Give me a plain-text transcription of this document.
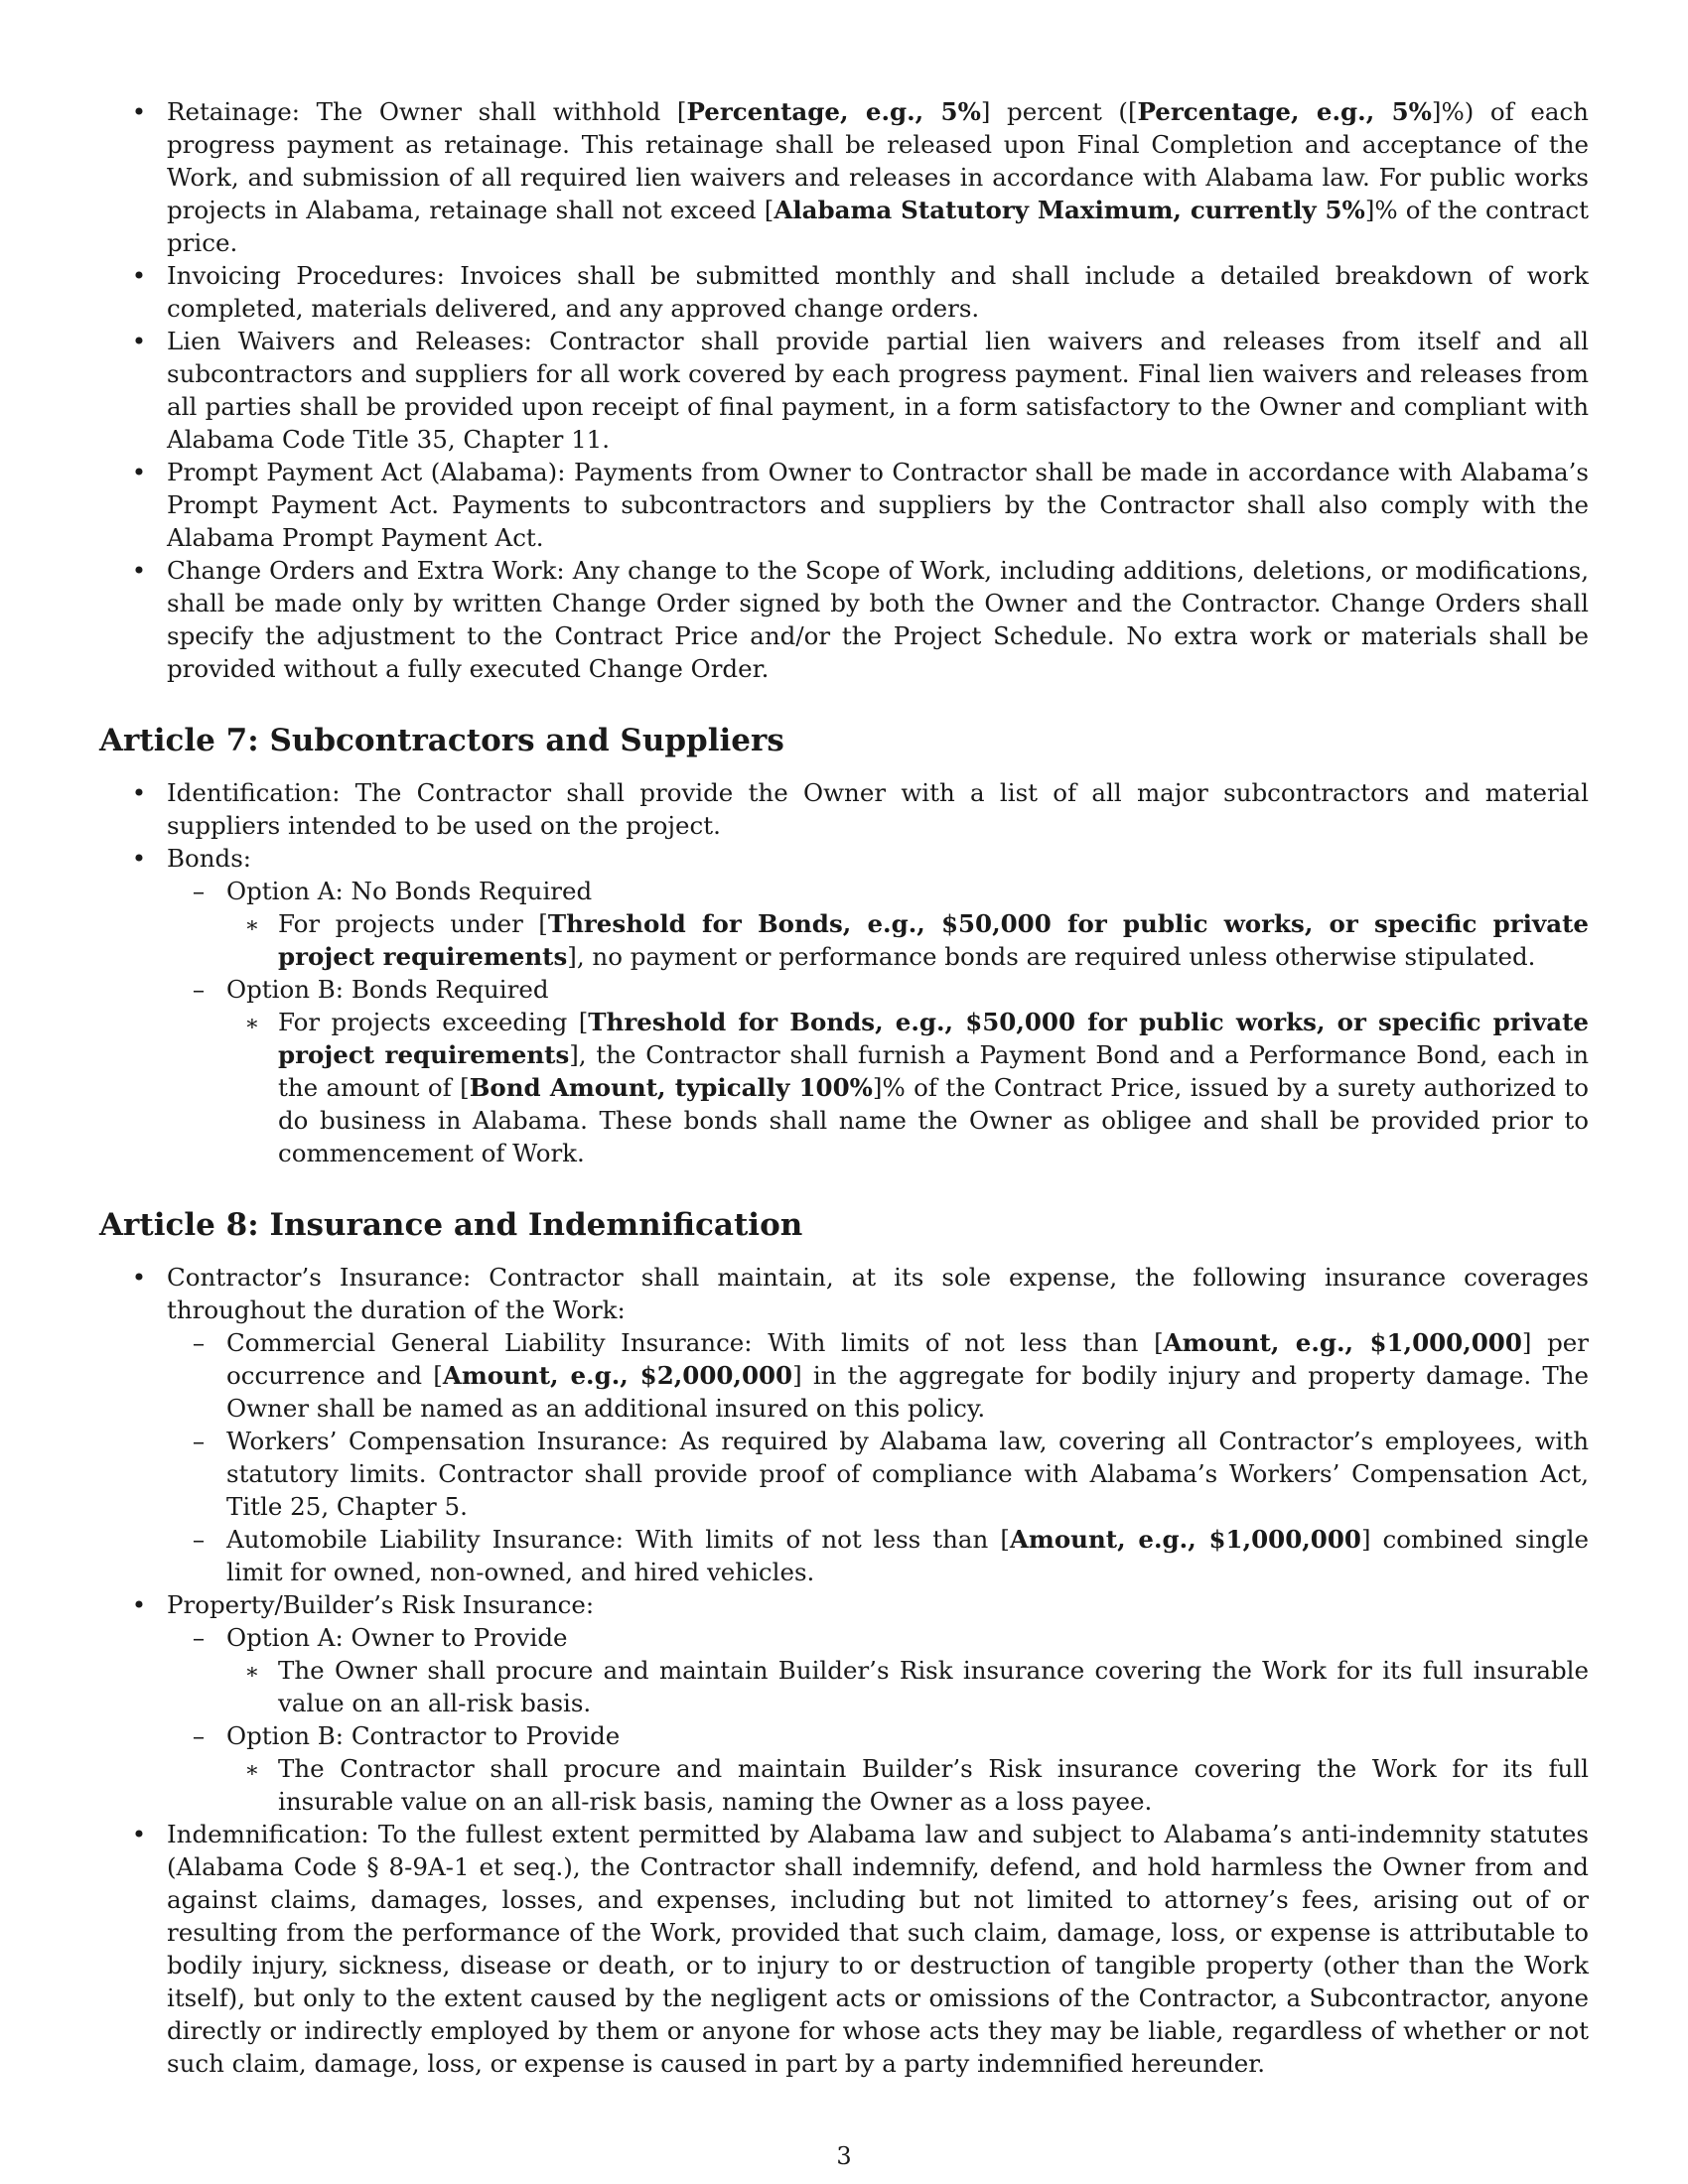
• Retainage: The Owner shall withhold [Percentage, e.g., 5%] percent ([Percentage, e.g., 5%]%) of each progress payment as retainage. This retainage shall be released upon Final Completion and acceptance of the Work, and submission of all required lien waivers and releases in accordance with Alabama law. For public works projects in Alabama, retainage shall not exceed [Alabama Statutory Maximum, currently 5%]% of the contract price.
• Invoicing Procedures: Invoices shall be submitted monthly and shall include a detailed breakdown of work completed, materials delivered, and any approved change orders.
• Lien Waivers and Releases: Contractor shall provide partial lien waivers and releases from itself and all subcontractors and suppliers for all work covered by each progress payment. Final lien waivers and releases from all parties shall be provided upon receipt of final payment, in a form satisfactory to the Owner and compliant with Alabama Code Title 35, Chapter 11.
• Prompt Payment Act (Alabama): Payments from Owner to Contractor shall be made in accordance with Alabama’s Prompt Payment Act. Payments to subcontractors and suppliers by the Contractor shall also comply with the Alabama Prompt Payment Act.
• Change Orders and Extra Work: Any change to the Scope of Work, including additions, deletions, or modifications, shall be made only by written Change Order signed by both the Owner and the Contractor. Change Orders shall specify the adjustment to the Contract Price and/or the Project Schedule. No extra work or materials shall be provided without a fully executed Change Order.
Article 7: Subcontractors and Suppliers
• Identification: The Contractor shall provide the Owner with a list of all major subcontractors and material suppliers intended to be used on the project.
• Bonds:
– Option A: No Bonds Required
∗ For projects under [Threshold for Bonds, e.g., $50,000 for public works, or specific private project requirements], no payment or performance bonds are required unless otherwise stipulated.
– Option B: Bonds Required
∗ For projects exceeding [Threshold for Bonds, e.g., $50,000 for public works, or specific private project requirements], the Contractor shall furnish a Payment Bond and a Performance Bond, each in the amount of [Bond Amount, typically 100%]% of the Contract Price, issued by a surety authorized to do business in Alabama. These bonds shall name the Owner as obligee and shall be provided prior to commencement of Work.
Article 8: Insurance and Indemnification
• Contractor’s Insurance: Contractor shall maintain, at its sole expense, the following insurance coverages throughout the duration of the Work:
– Commercial General Liability Insurance: With limits of not less than [Amount, e.g., $1,000,000] per occurrence and [Amount, e.g., $2,000,000] in the aggregate for bodily injury and property damage. The Owner shall be named as an additional insured on this policy.
– Workers’ Compensation Insurance: As required by Alabama law, covering all Contractor’s employees, with statutory limits. Contractor shall provide proof of compliance with Alabama’s Workers’ Compensation Act, Title 25, Chapter 5.
– Automobile Liability Insurance: With limits of not less than [Amount, e.g., $1,000,000] combined single limit for owned, non-owned, and hired vehicles.
• Property/Builder’s Risk Insurance:
– Option A: Owner to Provide
∗ The Owner shall procure and maintain Builder’s Risk insurance covering the Work for its full insurable value on an all-risk basis.
– Option B: Contractor to Provide
∗ The Contractor shall procure and maintain Builder’s Risk insurance covering the Work for its full insurable value on an all-risk basis, naming the Owner as a loss payee.
• Indemnification: To the fullest extent permitted by Alabama law and subject to Alabama’s anti-indemnity statutes (Alabama Code § 8-9A-1 et seq.), the Contractor shall indemnify, defend, and hold harmless the Owner from and against claims, damages, losses, and expenses, including but not limited to attorney’s fees, arising out of or resulting from the performance of the Work, provided that such claim, damage, loss, or expense is attributable to bodily injury, sickness, disease or death, or to injury to or destruction of tangible property (other than the Work itself), but only to the extent caused by the negligent acts or omissions of the Contractor, a Subcontractor, anyone directly or indirectly employed by them or anyone for whose acts they may be liable, regardless of whether or not such claim, damage, loss, or expense is caused in part by a party indemnified hereunder.
3
